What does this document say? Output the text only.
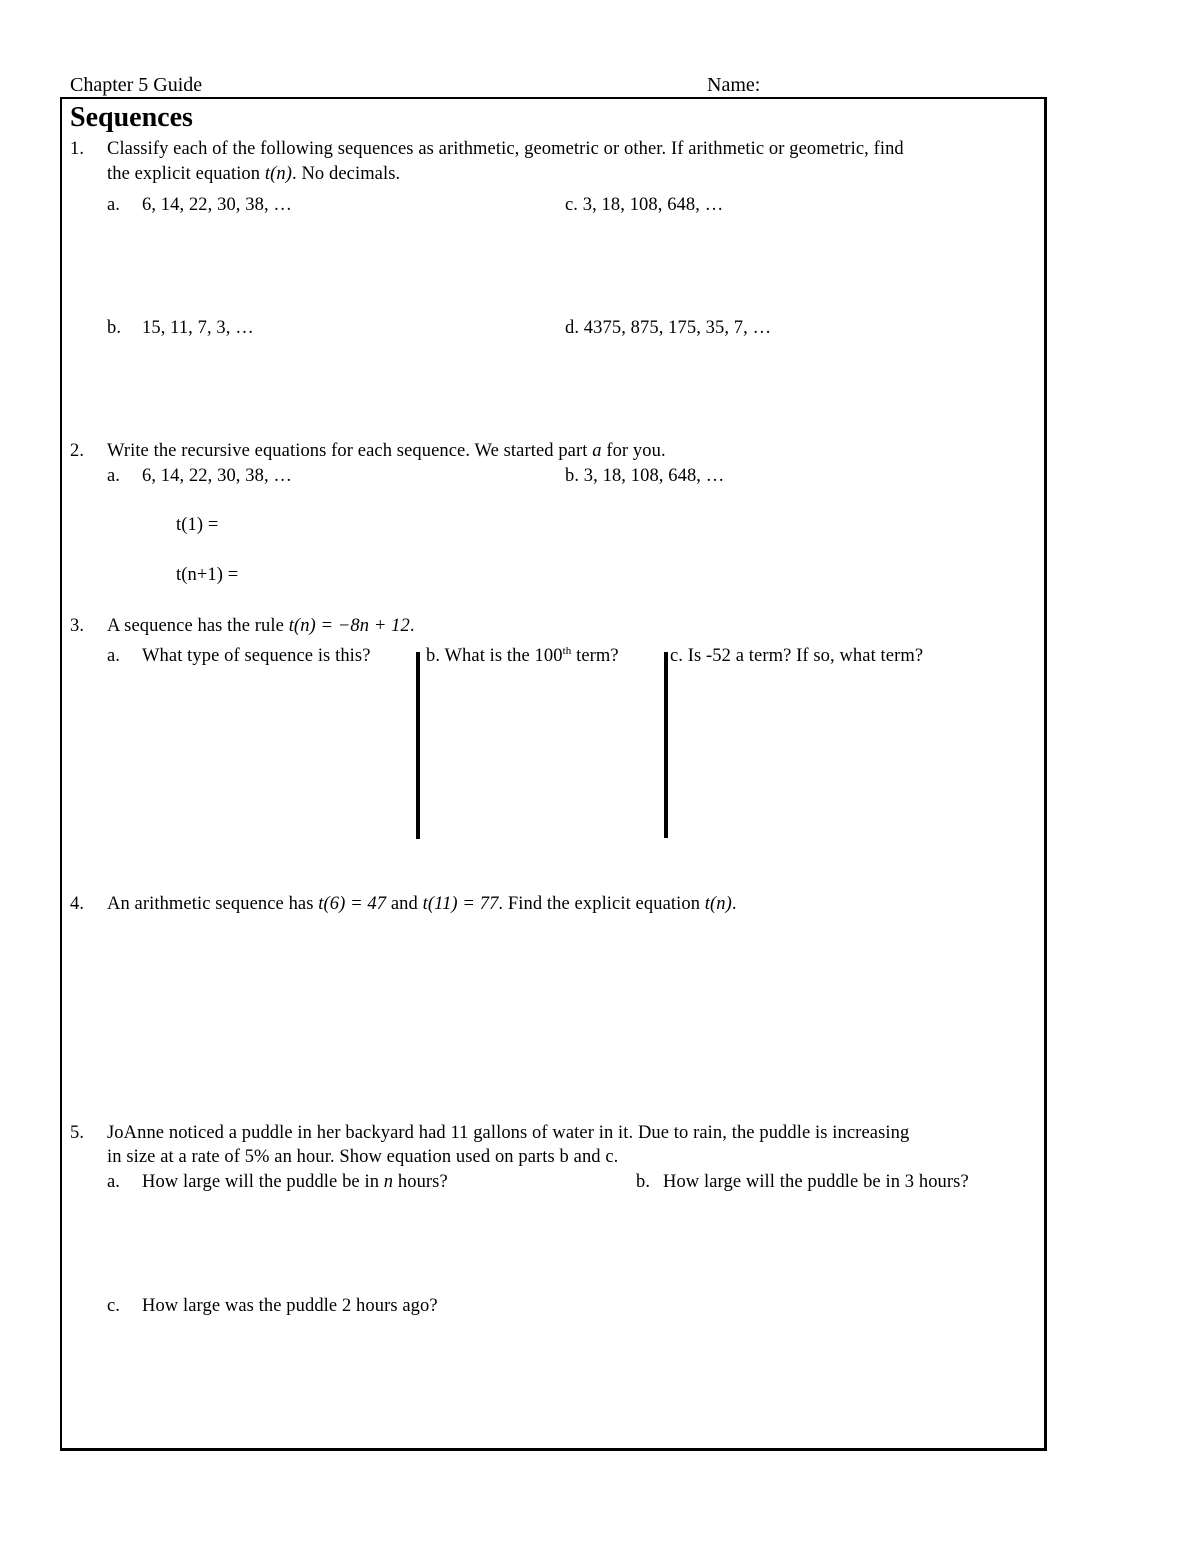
Chapter 5 Guide	Name:
Sequences
1. Classify each of the following sequences as arithmetic, geometric or other. If arithmetic or geometric, find
the explicit equation t(n). No decimals.
a. 6, 14, 22, 30, 38, …	c. 3, 18, 108, 648, …
b. 15, 11, 7, 3, …	d. 4375, 875, 175, 35, 7, …
2. Write the recursive equations for each sequence. We started part a for you.
a. 6, 14, 22, 30, 38, …	b. 3, 18, 108, 648, …
t(1) =
t(n+1) =
3. A sequence has the rule t(n) = −8n + 12.
a. What type of sequence is this?	b. What is the 100th term?	c. Is -52 a term? If so, what term?
4. An arithmetic sequence has t(6) = 47 and t(11) = 77. Find the explicit equation t(n).
5. JoAnne noticed a puddle in her backyard had 11 gallons of water in it. Due to rain, the puddle is increasing
in size at a rate of 5% an hour. Show equation used on parts b and c.
a. How large will the puddle be in n hours?	b. How large will the puddle be in 3 hours?
c. How large was the puddle 2 hours ago?
